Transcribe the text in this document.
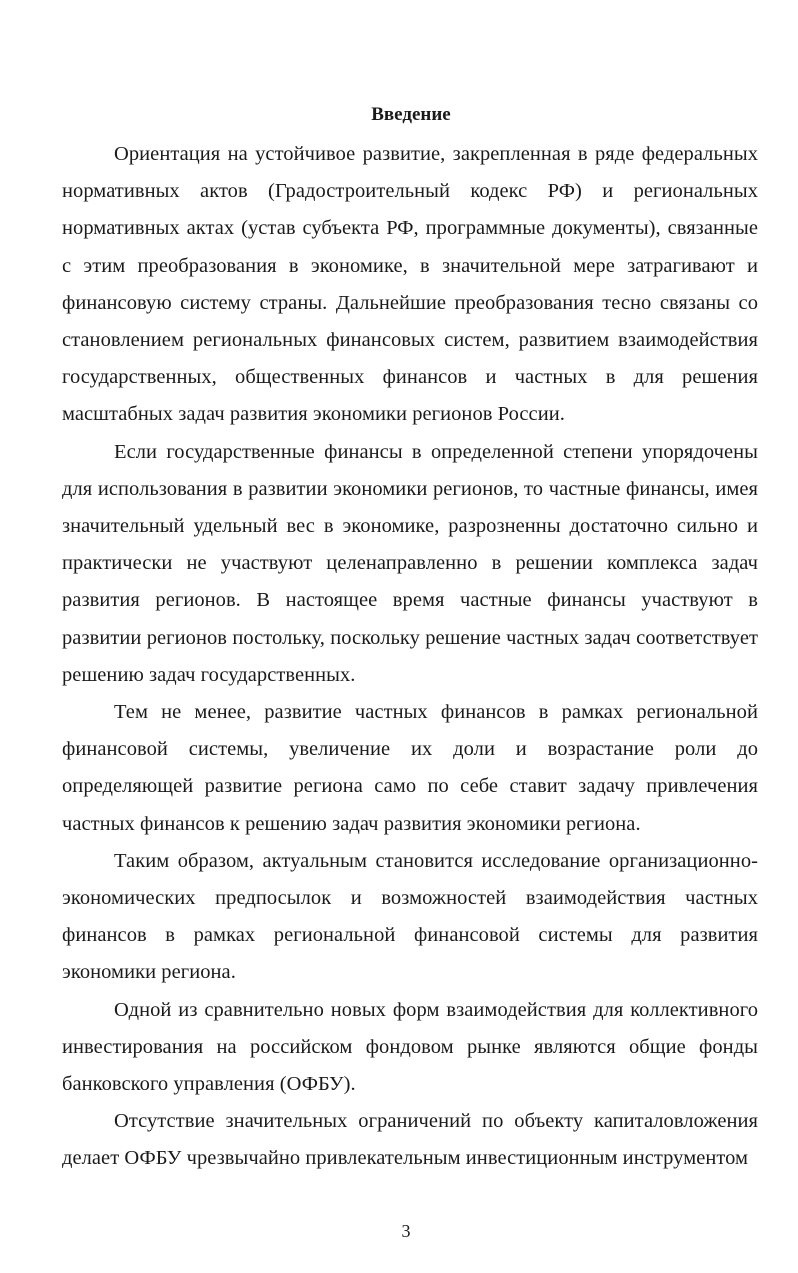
Введение

Ориентация на устойчивое развитие, закрепленная в ряде федеральных нормативных актов (Градостроительный кодекс РФ) и региональных нормативных актах (устав субъекта РФ, программные документы), связанные с этим преобразования в экономике, в значительной мере затрагивают и финансовую систему страны. Дальнейшие преобразования тесно связаны со становлением региональных финансовых систем, развитием взаимодействия государственных, общественных финансов и частных в для решения масштабных задач развития экономики регионов России.

Если государственные финансы в определенной степени упорядочены для использования в развитии экономики регионов, то частные финансы, имея значительный удельный вес в экономике, разрозненны достаточно сильно и практически не участвуют целенаправленно в решении комплекса задач развития регионов. В настоящее время частные финансы участвуют в развитии регионов постольку, поскольку решение частных задач соответствует решению задач государственных.

Тем не менее, развитие частных финансов в рамках региональной финансовой системы, увеличение их доли и возрастание роли до определяющей развитие региона само по себе ставит задачу привлечения частных финансов к решению задач развития экономики региона.

Таким образом, актуальным становится исследование организационно-экономических предпосылок и возможностей взаимодействия частных финансов в рамках региональной финансовой системы для развития экономики региона.

Одной из сравнительно новых форм взаимодействия для коллективного инвестирования на российском фондовом рынке являются общие фонды банковского управления (ОФБУ).

Отсутствие значительных ограничений по объекту капиталовложения делает ОФБУ чрезвычайно привлекательным инвестиционным инструментом

3
